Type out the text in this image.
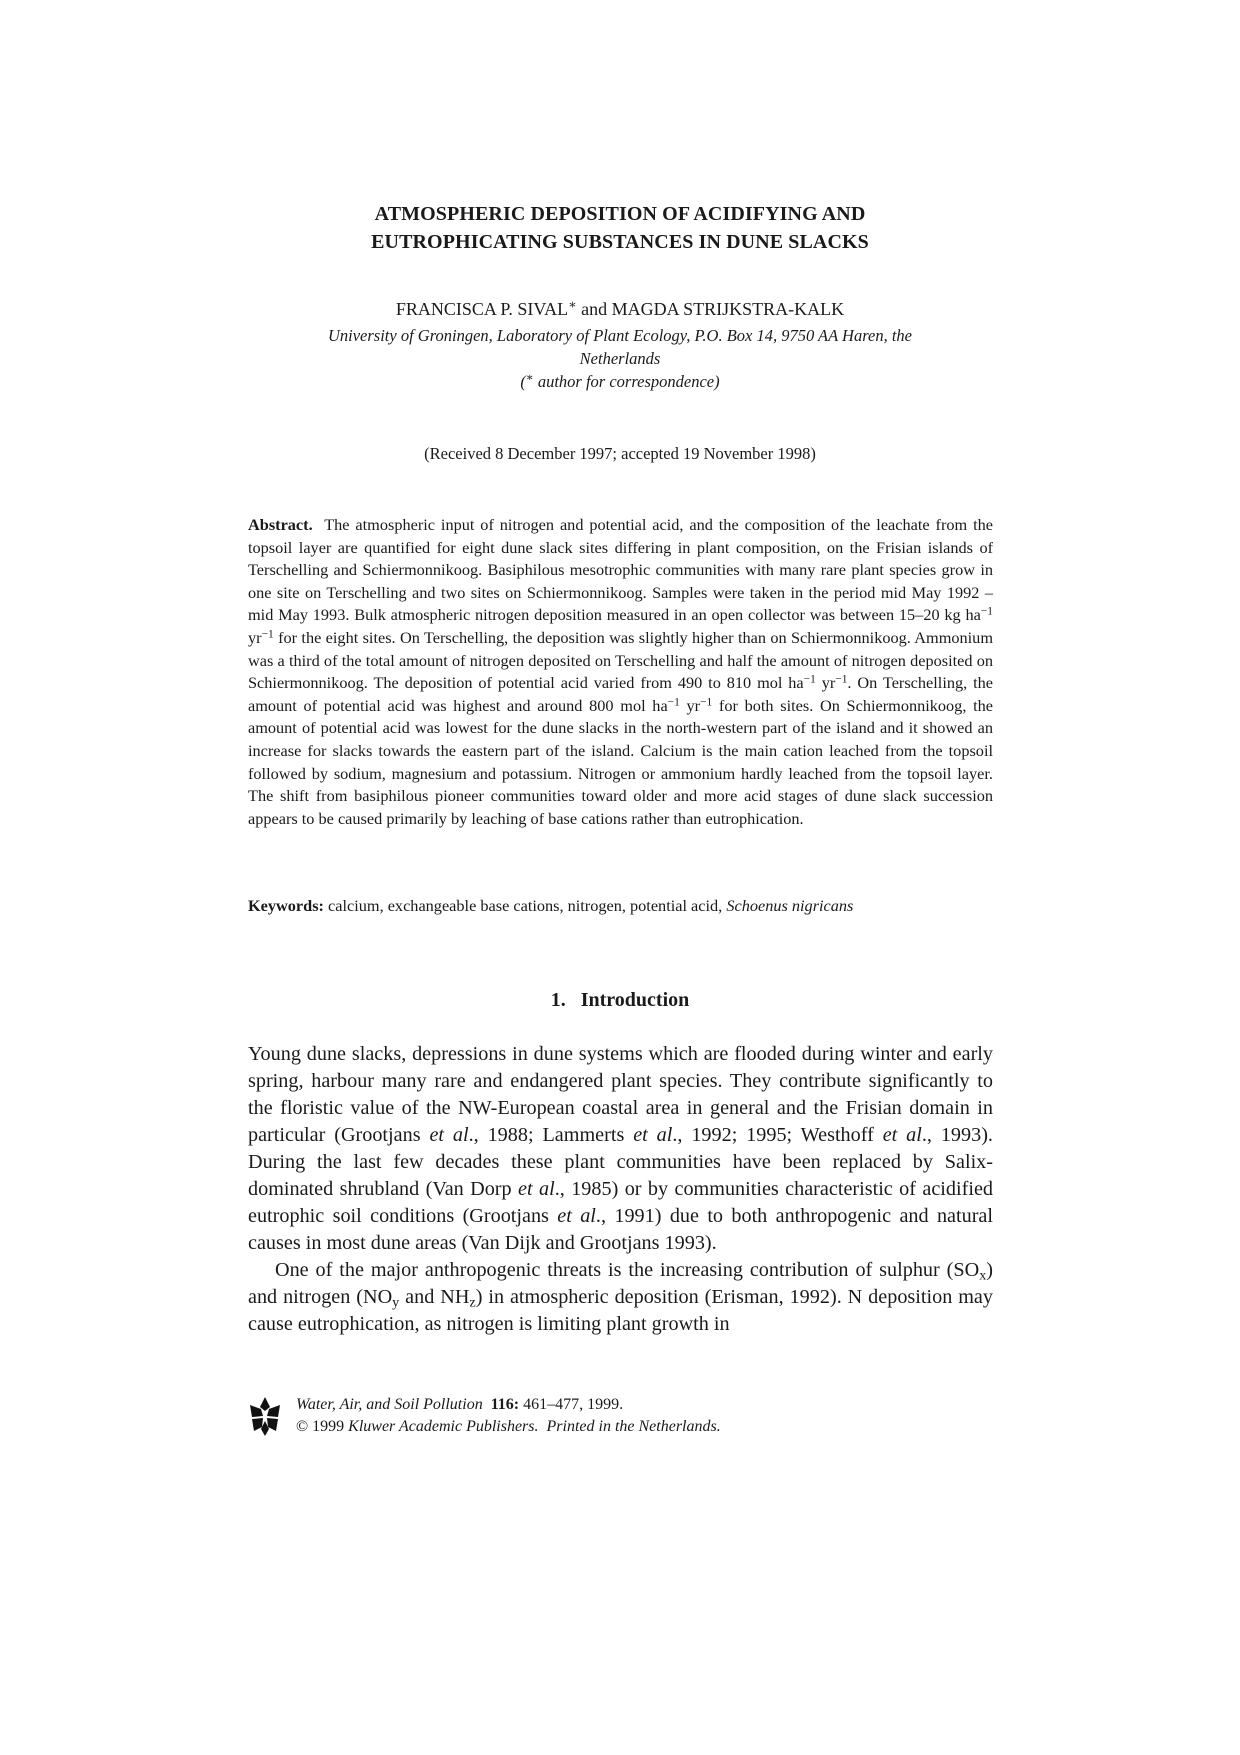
ATMOSPHERIC DEPOSITION OF ACIDIFYING AND
EUTROPHICATING SUBSTANCES IN DUNE SLACKS
FRANCISCA P. SIVAL∗ and MAGDA STRIJKSTRA-KALK
University of Groningen, Laboratory of Plant Ecology, P.O. Box 14, 9750 AA Haren, the
Netherlands
(∗ author for correspondence)
(Received 8 December 1997; accepted 19 November 1998)
Abstract. The atmospheric input of nitrogen and potential acid, and the composition of the leachate from the topsoil layer are quantified for eight dune slack sites differing in plant composition, on the Frisian islands of Terschelling and Schiermonnikoog. Basiphilous mesotrophic communities with many rare plant species grow in one site on Terschelling and two sites on Schiermonnikoog. Samples were taken in the period mid May 1992 – mid May 1993. Bulk atmospheric nitrogen deposition measured in an open collector was between 15–20 kg $ha^{-1}$ $yr^{-1}$ for the eight sites. On Terschelling, the deposition was slightly higher than on Schiermonnikoog. Ammonium was a third of the total amount of nitrogen deposited on Terschelling and half the amount of nitrogen deposited on Schiermonnikoog. The deposition of potential acid varied from 490 to 810 mol $ha^{-1}$ $yr^{-1}$. On Terschelling, the amount of potential acid was highest and around 800 mol $ha^{-1}$ $yr^{-1}$ for both sites. On Schiermonnikoog, the amount of potential acid was lowest for the dune slacks in the north-western part of the island and it showed an increase for slacks towards the eastern part of the island. Calcium is the main cation leached from the topsoil followed by sodium, magnesium and potassium. Nitrogen or ammonium hardly leached from the topsoil layer. The shift from basiphilous pioneer communities toward older and more acid stages of dune slack succession appears to be caused primarily by leaching of base cations rather than eutrophication.
Keywords: calcium, exchangeable base cations, nitrogen, potential acid, Schoenus nigricans
1. Introduction

Young dune slacks, depressions in dune systems which are flooded during winter and early spring, harbour many rare and endangered plant species. They contribute significantly to the floristic value of the NW-European coastal area in general and the Frisian domain in particular (Grootjans et al., 1988; Lammerts et al., 1992; 1995; Westhoff et al., 1993). During the last few decades these plant communities have been replaced by Salix-dominated shrubland (Van Dorp et al., 1985) or by communities characteristic of acidified eutrophic soil conditions (Grootjans et al., 1991) due to both anthropogenic and natural causes in most dune areas (Van Dijk and Grootjans 1993).

One of the major anthropogenic threats is the increasing contribution of sulphur $(SO_x)$ and nitrogen ($NO_y$ and $NH_z$) in atmospheric deposition (Erisman, 1992). N deposition may cause eutrophication, as nitrogen is limiting plant growth in

Water, Air, and Soil Pollution 116: 461–477, 1999.
© 1999 Kluwer Academic Publishers.  Printed in the Netherlands.
